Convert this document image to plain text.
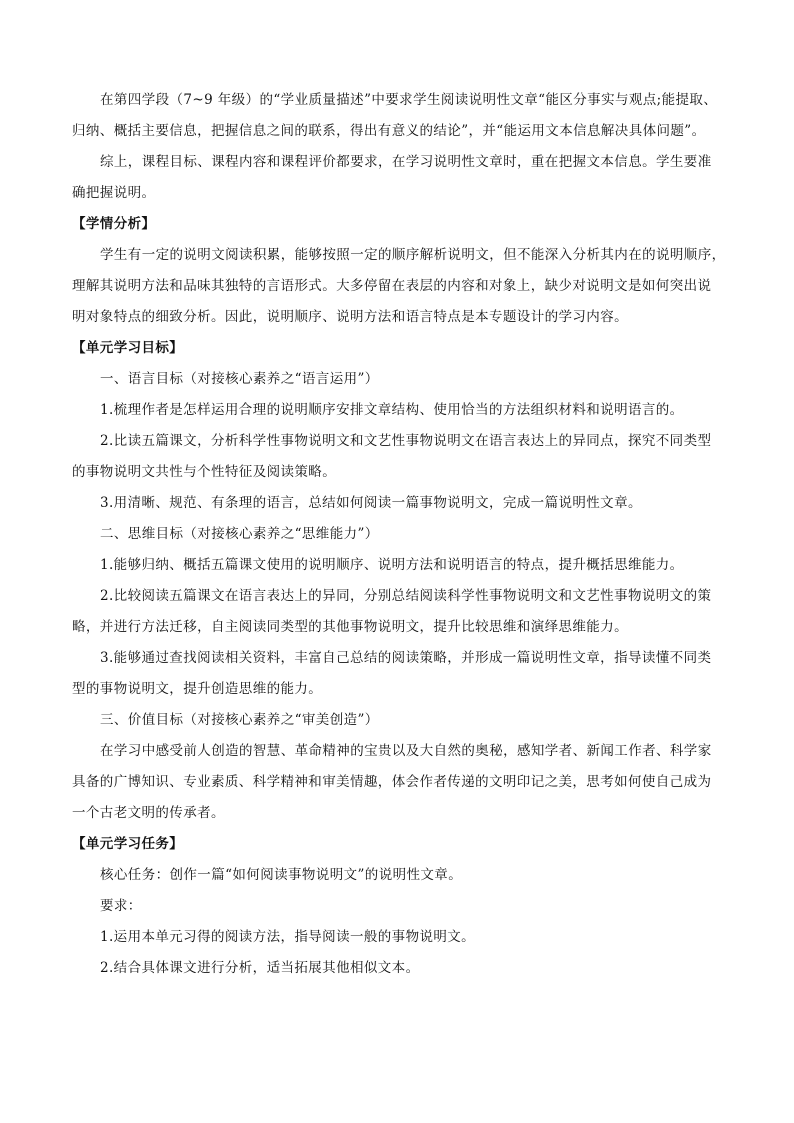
在第四学段（7~9 年级）的“学业质量描述”中要求学生阅读说明性文章“能区分事实与观点;能提取、
归纳、概括主要信息，把握信息之间的联系，得出有意义的结论”，并“能运用文本信息解决具体问题”。
综上，课程目标、课程内容和课程评价都要求，在学习说明性文章时，重在把握文本信息。学生要准
确把握说明。
【学情分析】
学生有一定的说明文阅读积累，能够按照一定的顺序解析说明文，但不能深入分析其内在的说明顺序，
理解其说明方法和品味其独特的言语形式。大多停留在表层的内容和对象上，缺少对说明文是如何突出说
明对象特点的细致分析。因此，说明顺序、说明方法和语言特点是本专题设计的学习内容。
【单元学习目标】
一、语言目标（对接核心素养之“语言运用”）
1.梳理作者是怎样运用合理的说明顺序安排文章结构、使用恰当的方法组织材料和说明语言的。
2.比读五篇课文，分析科学性事物说明文和文艺性事物说明文在语言表达上的异同点，探究不同类型
的事物说明文共性与个性特征及阅读策略。
3.用清晰、规范、有条理的语言，总结如何阅读一篇事物说明文，完成一篇说明性文章。
二、思维目标（对接核心素养之“思维能力”）
1.能够归纳、概括五篇课文使用的说明顺序、说明方法和说明语言的特点，提升概括思维能力。
2.比较阅读五篇课文在语言表达上的异同，分别总结阅读科学性事物说明文和文艺性事物说明文的策
略，并进行方法迁移，自主阅读同类型的其他事物说明文，提升比较思维和演绎思维能力。
3.能够通过查找阅读相关资料，丰富自己总结的阅读策略，并形成一篇说明性文章，指导读懂不同类
型的事物说明文，提升创造思维的能力。
三、价值目标（对接核心素养之“审美创造”）
在学习中感受前人创造的智慧、革命精神的宝贵以及大自然的奥秘，感知学者、新闻工作者、科学家
具备的广博知识、专业素质、科学精神和审美情趣，体会作者传递的文明印记之美，思考如何使自己成为
一个古老文明的传承者。
【单元学习任务】
核心任务：创作一篇“如何阅读事物说明文”的说明性文章。
要求：
1.运用本单元习得的阅读方法，指导阅读一般的事物说明文。
2.结合具体课文进行分析，适当拓展其他相似文本。
